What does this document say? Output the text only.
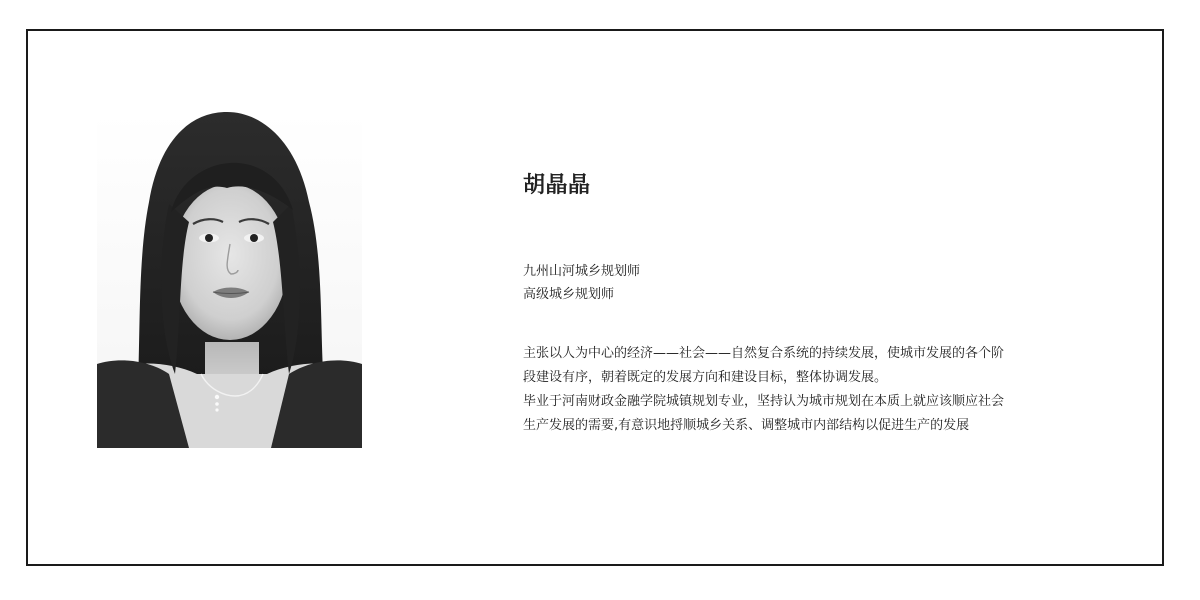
胡晶晶
九州山河城乡规划师
高级城乡规划师
主张以人为中心的经济——社会——自然复合系统的持续发展，使城市发展的各个阶
段建设有序，朝着既定的发展方向和建设目标，整体协调发展。
毕业于河南财政金融学院城镇规划专业，坚持认为城市规划在本质上就应该顺应社会
生产发展的需要,有意识地捋顺城乡关系、调整城市内部结构以促进生产的发展
